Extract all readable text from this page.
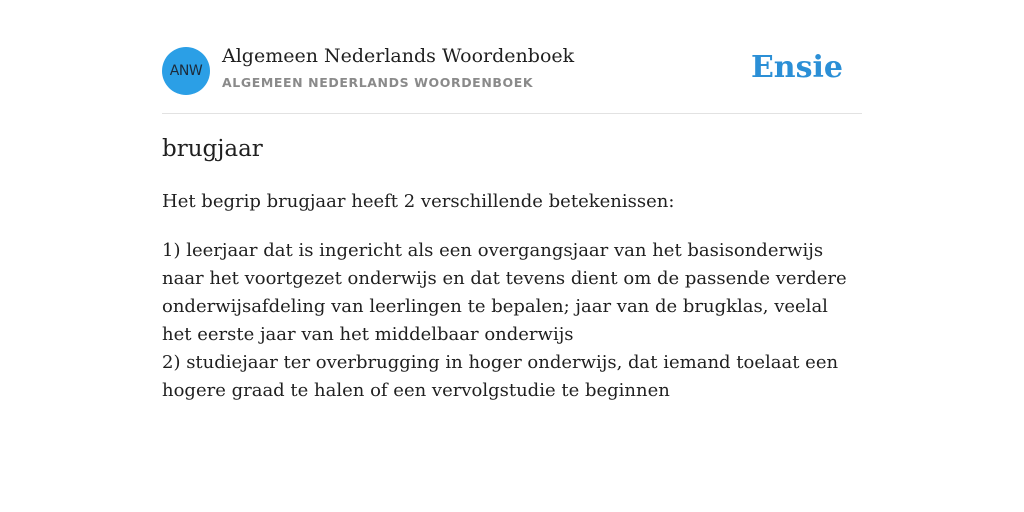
ANW
Algemeen Nederlands Woordenboek
ALGEMEEN NEDERLANDS WOORDENBOEK	Ensie
brugjaar
Het begrip brugjaar heeft 2 verschillende betekenissen:
1) leerjaar dat is ingericht als een overgangsjaar van het basisonderwijs naar het voortgezet onderwijs en dat tevens dient om de passende verdere onderwijsafdeling van leerlingen te bepalen; jaar van de brugklas, veelal het eerste jaar van het middelbaar onderwijs
2) studiejaar ter overbrugging in hoger onderwijs, dat iemand toelaat een hogere graad te halen of een vervolgstudie te beginnen
